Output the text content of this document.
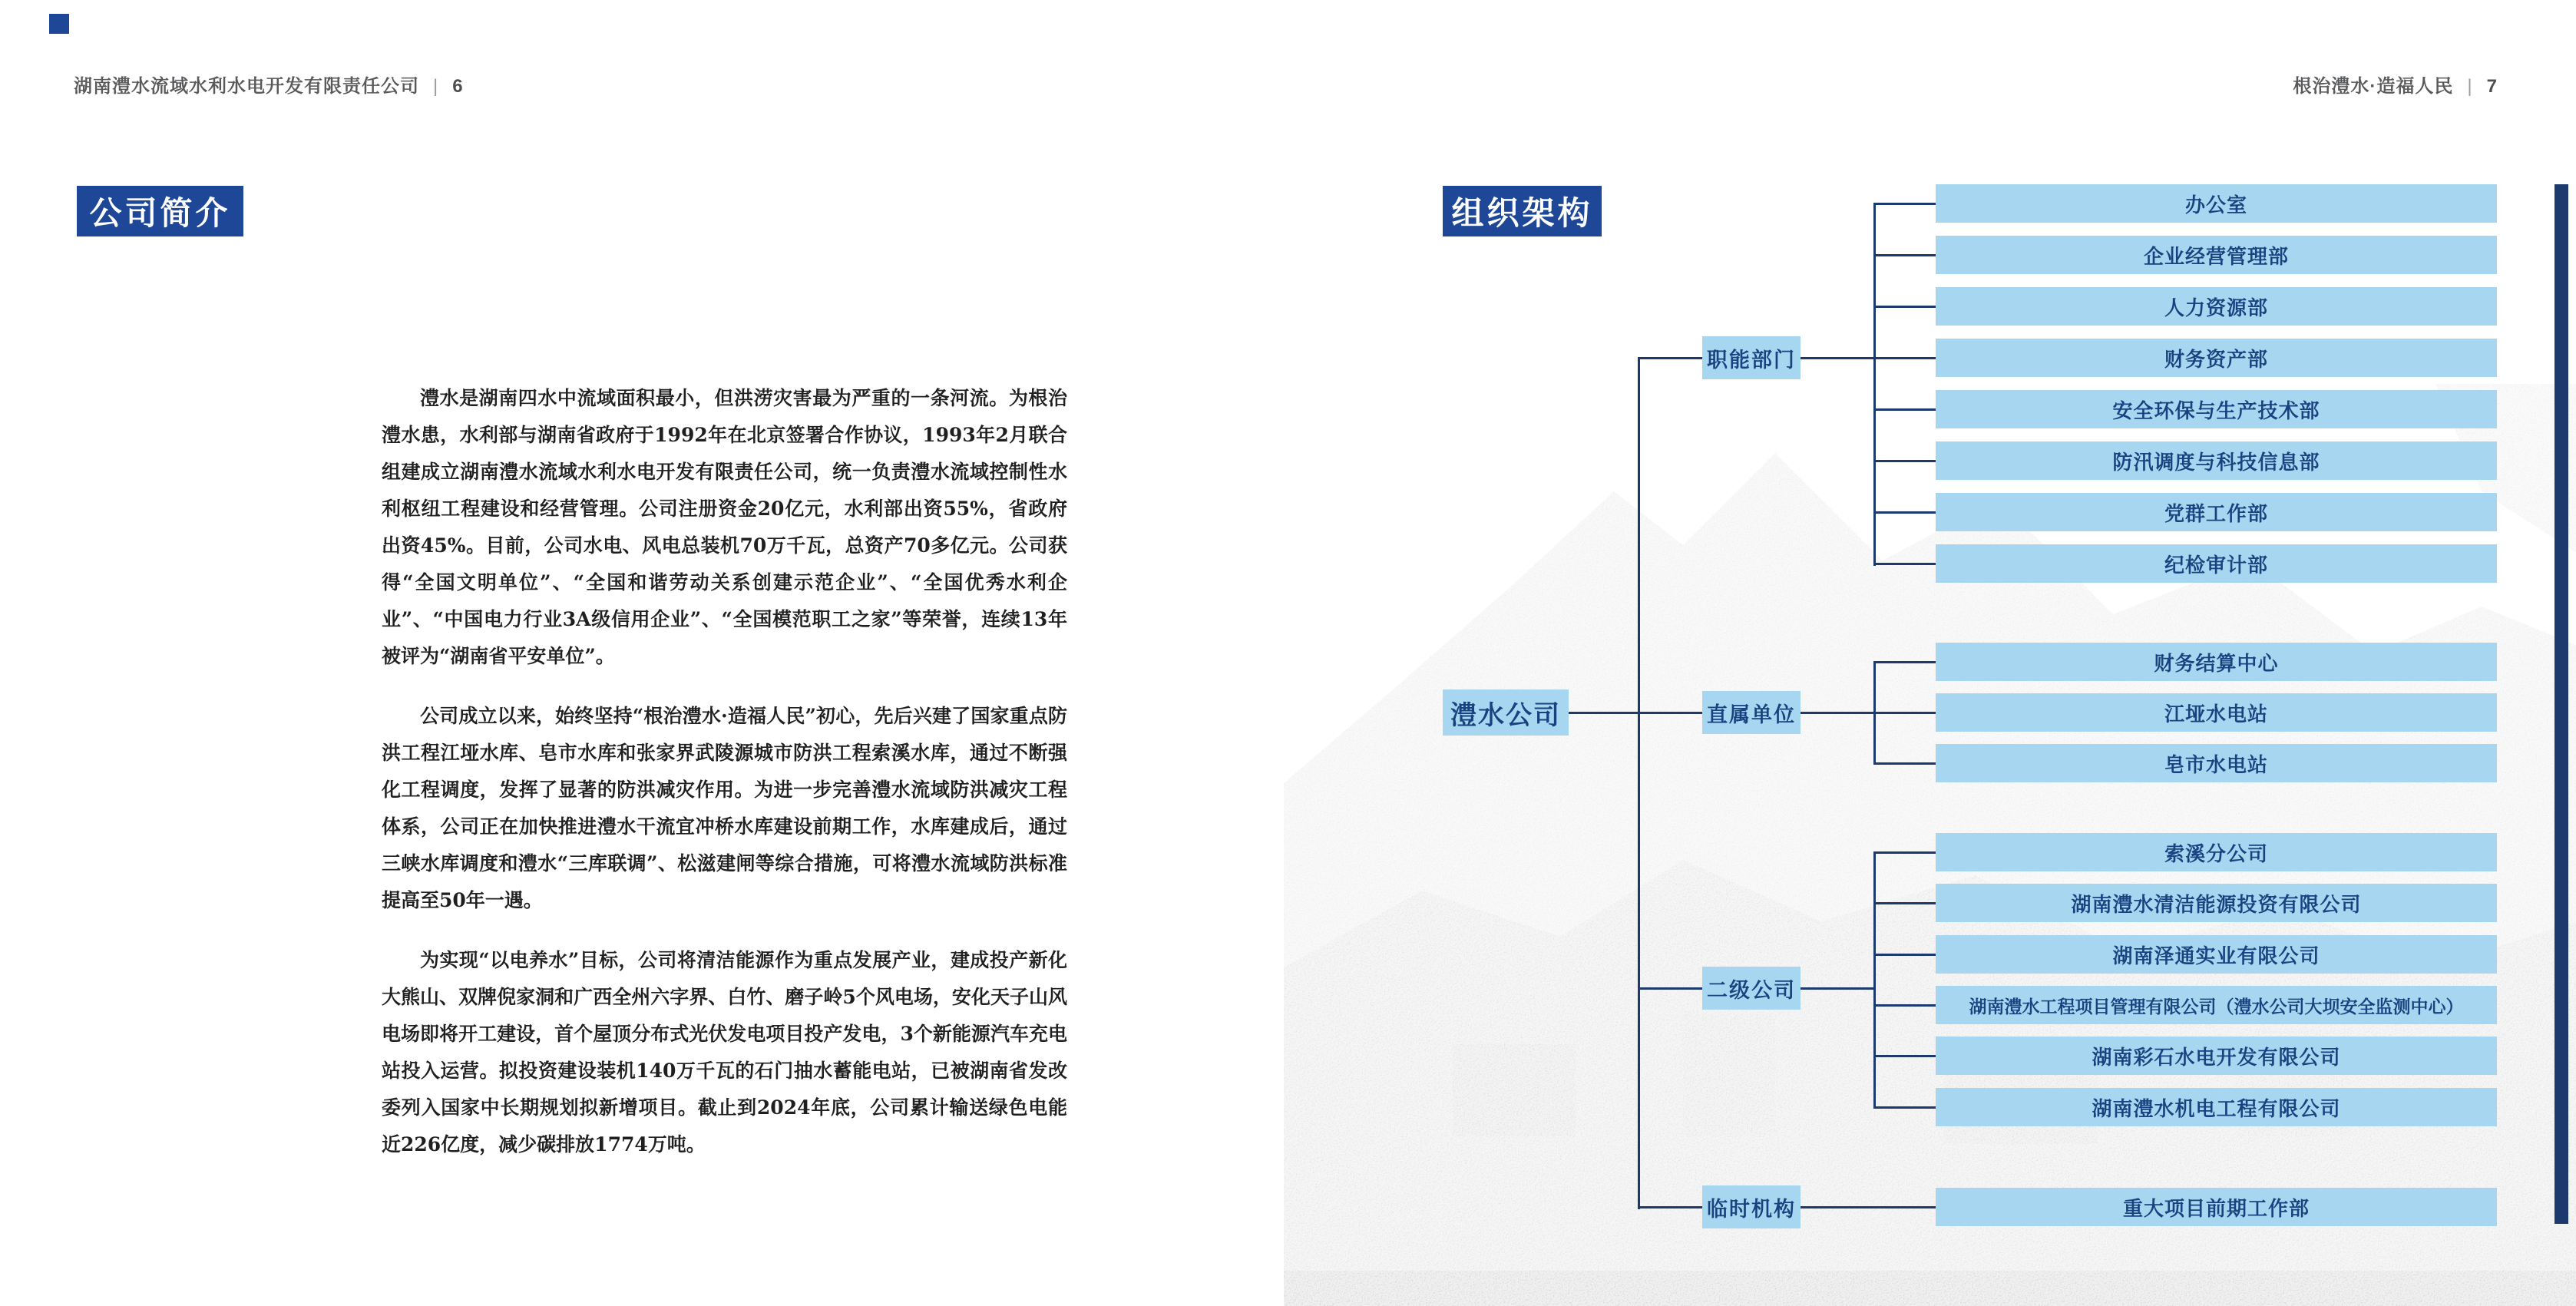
湖南澧水流域水利水电开发有限责任公司 | 6	根治澧水·造福人民 | 7
公司简介	组织架构

澧水是湖南四水中流域面积最小，但洪涝灾害最为严重的一条河流。为根治澧水患，水利部与湖南省政府于1992年在北京签署合作协议，1993年2月联合组建成立湖南澧水流域水利水电开发有限责任公司，统一负责澧水流域控制性水利枢纽工程建设和经营管理。公司注册资金20亿元，水利部出资55%，省政府出资45%。目前，公司水电、风电总装机70万千瓦，总资产70多亿元。公司获得“全国文明单位”、“全国和谐劳动关系创建示范企业”、“全国优秀水利企业”、“中国电力行业3A级信用企业”、“全国模范职工之家”等荣誉，连续13年被评为“湖南省平安单位”。

公司成立以来，始终坚持“根治澧水·造福人民”初心，先后兴建了国家重点防洪工程江垭水库、皂市水库和张家界武陵源城市防洪工程索溪水库，通过不断强化工程调度，发挥了显著的防洪减灾作用。为进一步完善澧水流域防洪减灾工程体系，公司正在加快推进澧水干流宜冲桥水库建设前期工作，水库建成后，通过三峡水库调度和澧水“三库联调”、松滋建闸等综合措施，可将澧水流域防洪标准提高至50年一遇。

为实现“以电养水”目标，公司将清洁能源作为重点发展产业，建成投产新化大熊山、双牌倪家洞和广西全州六字界、白竹、磨子岭5个风电场，安化天子山风电场即将开工建设，首个屋顶分布式光伏发电项目投产发电，3个新能源汽车充电站投入运营。拟投资建设装机140万千瓦的石门抽水蓄能电站，已被湖南省发改委列入国家中长期规划拟新增项目。截止到2024年底，公司累计输送绿色电能近226亿度，减少碳排放1774万吨。

澧水公司
职能部门
直属单位
二级公司
临时机构
办公室
企业经营管理部
人力资源部
财务资产部
安全环保与生产技术部
防汛调度与科技信息部
党群工作部
纪检审计部
财务结算中心
江垭水电站
皂市水电站
索溪分公司
湖南澧水清洁能源投资有限公司
湖南泽通实业有限公司
湖南澧水工程项目管理有限公司（澧水公司大坝安全监测中心）
湖南彩石水电开发有限公司
湖南澧水机电工程有限公司
重大项目前期工作部
